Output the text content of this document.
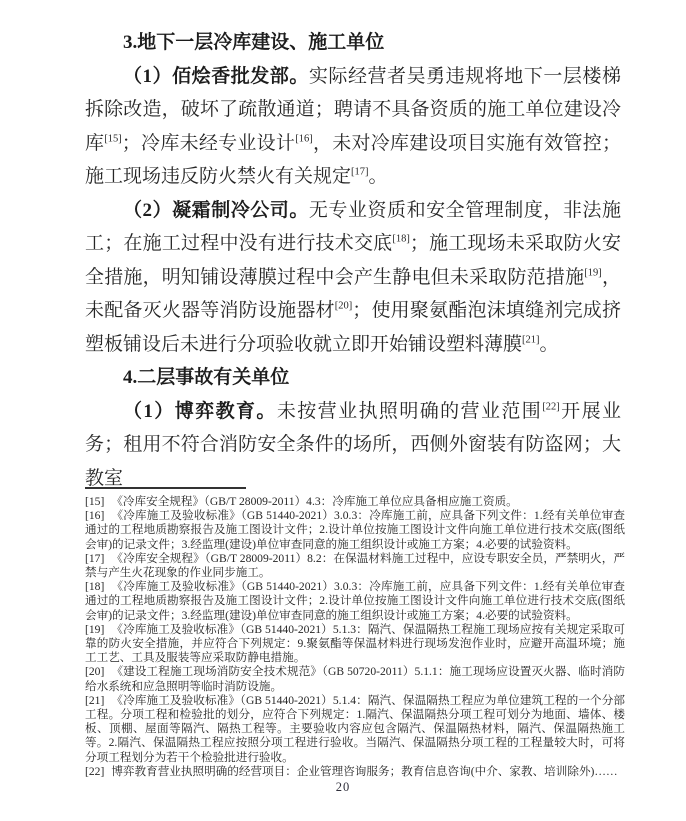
3.地下一层冷库建设、施工单位

（1）佰烩香批发部。实际经营者吴勇违规将地下一层楼梯拆除改造，破坏了疏散通道；聘请不具备资质的施工单位建设冷库[15]；冷库未经专业设计[16]，未对冷库建设项目实施有效管控；施工现场违反防火禁火有关规定[17]。

（2）凝霜制冷公司。无专业资质和安全管理制度，非法施工；在施工过程中没有进行技术交底[18]；施工现场未采取防火安全措施，明知铺设薄膜过程中会产生静电但未采取防范措施[19]，未配备灭火器等消防设施器材[20]；使用聚氨酯泡沫填缝剂完成挤塑板铺设后未进行分项验收就立即开始铺设塑料薄膜[21]。

4.二层事故有关单位

（1）博弈教育。未按营业执照明确的营业范围[22]开展业务；租用不符合消防安全条件的场所，西侧外窗装有防盗网；大教室

[15] 《冷库安全规程》（GB/T 28009-2011）4.3：冷库施工单位应具备相应施工资质。
[16] 《冷库施工及验收标准》（GB 51440-2021）3.0.3：冷库施工前，应具备下列文件：1.经有关单位审查通过的工程地质勘察报告及施工图设计文件；2.设计单位按施工图设计文件向施工单位进行技术交底(图纸会审)的记录文件；3.经监理(建设)单位审查同意的施工组织设计或施工方案；4.必要的试验资料。
[17] 《冷库安全规程》（GB/T 28009-2011）8.2：在保温材料施工过程中，应设专职安全员，严禁明火，严禁与产生火花现象的作业同步施工。
[18] 《冷库施工及验收标准》（GB 51440-2021）3.0.3：冷库施工前，应具备下列文件：1.经有关单位审查通过的工程地质勘察报告及施工图设计文件；2.设计单位按施工图设计文件向施工单位进行技术交底(图纸会审)的记录文件；3.经监理(建设)单位审查同意的施工组织设计或施工方案；4.必要的试验资料。
[19] 《冷库施工及验收标准》（GB 51440-2021）5.1.3：隔汽、保温隔热工程施工现场应按有关规定采取可靠的防火安全措施，并应符合下列规定：9.聚氨酯等保温材料进行现场发泡作业时，应避开高温环境；施工工艺、工具及服装等应采取防静电措施。
[20] 《建设工程施工现场消防安全技术规范》（GB 50720-2011）5.1.1：施工现场应设置灭火器、临时消防给水系统和应急照明等临时消防设施。
[21] 《冷库施工及验收标准》（GB 51440-2021）5.1.4：隔汽、保温隔热工程应为单位建筑工程的一个分部工程。分项工程和检验批的划分，应符合下列规定：1.隔汽、保温隔热分项工程可划分为地面、墙体、楼板、顶棚、屋面等隔汽、隔热工程等。主要验收内容应包含隔汽、保温隔热材料，隔汽、保温隔热施工等。2.隔汽、保温隔热工程应按照分项工程进行验收。当隔汽、保温隔热分项工程的工程量较大时，可将分项工程划分为若干个检验批进行验收。
[22] 博弈教育营业执照明确的经营项目：企业管理咨询服务；教育信息咨询(中介、家教、培训除外)……
20
